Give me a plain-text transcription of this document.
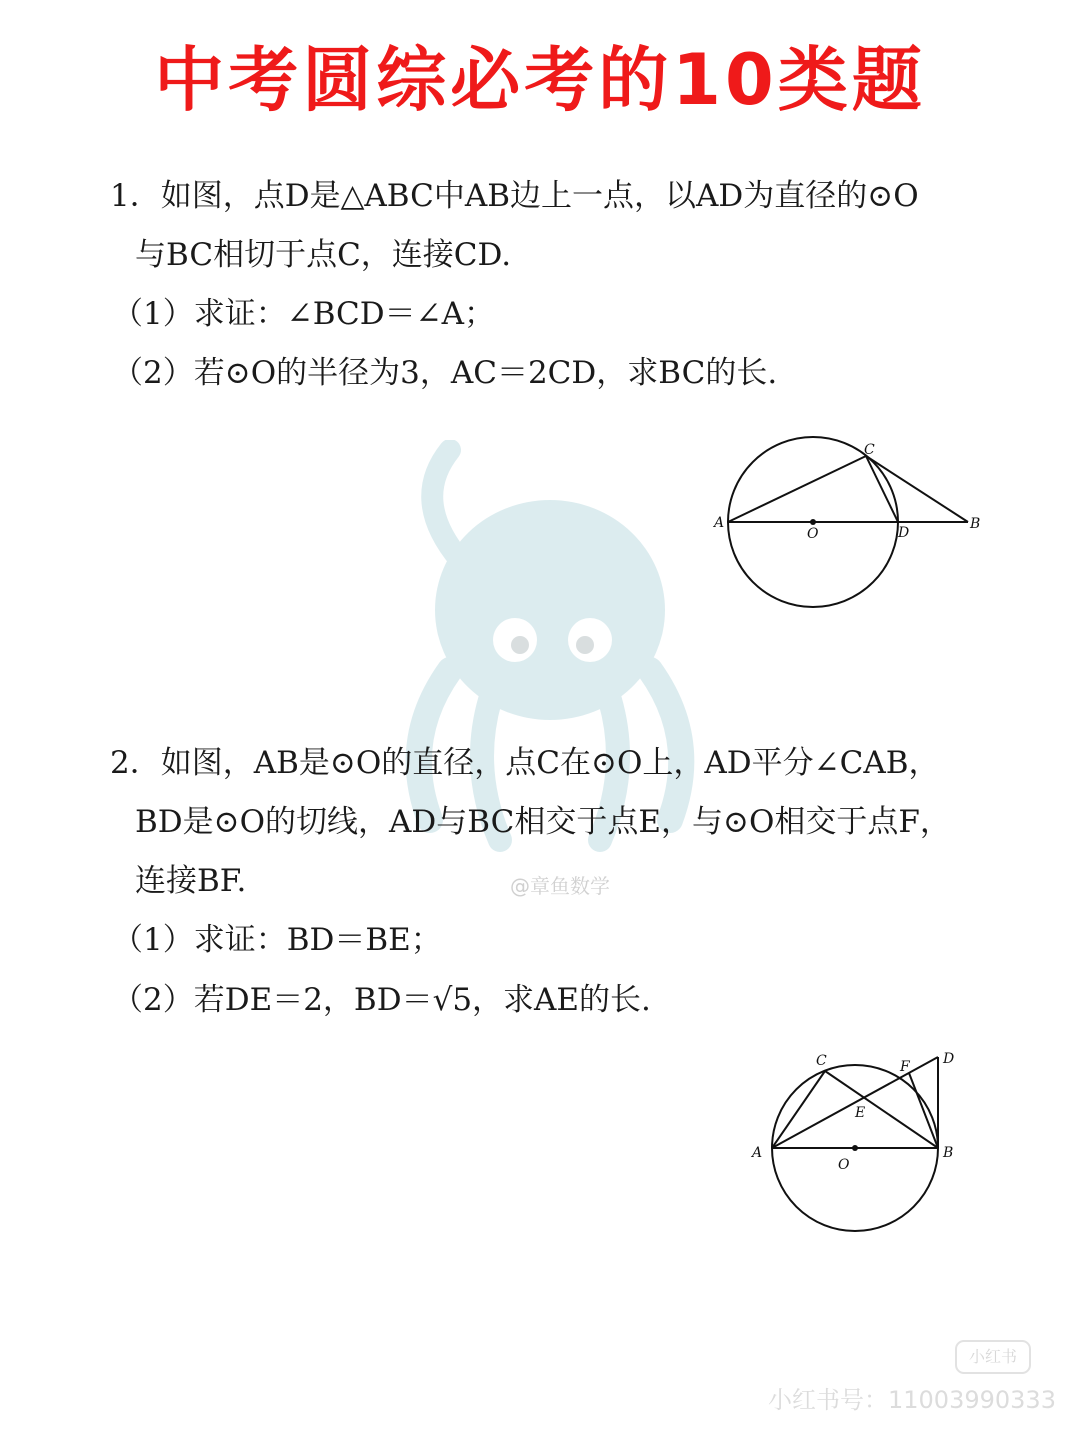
中考圆综必考的10类题
@章鱼数学
1．如图，点D是△ABC中AB边上一点，以AD为直径的⊙O
与BC相切于点C，连接CD.
（1）求证：∠BCD＝∠A；
（2）若⊙O的半径为3，AC＝2CD，求BC的长.
A	B
C
D
O
2．如图，AB是⊙O的直径，点C在⊙O上，AD平分∠CAB，
BD是⊙O的切线，AD与BC相交于点E，与⊙O相交于点F，
连接BF.
（1）求证：BD＝BE；
（2）若DE＝2，BD＝√5，求AE的长.
A	B
C	D
E
F
O
小红书
小红书号：11003990333
